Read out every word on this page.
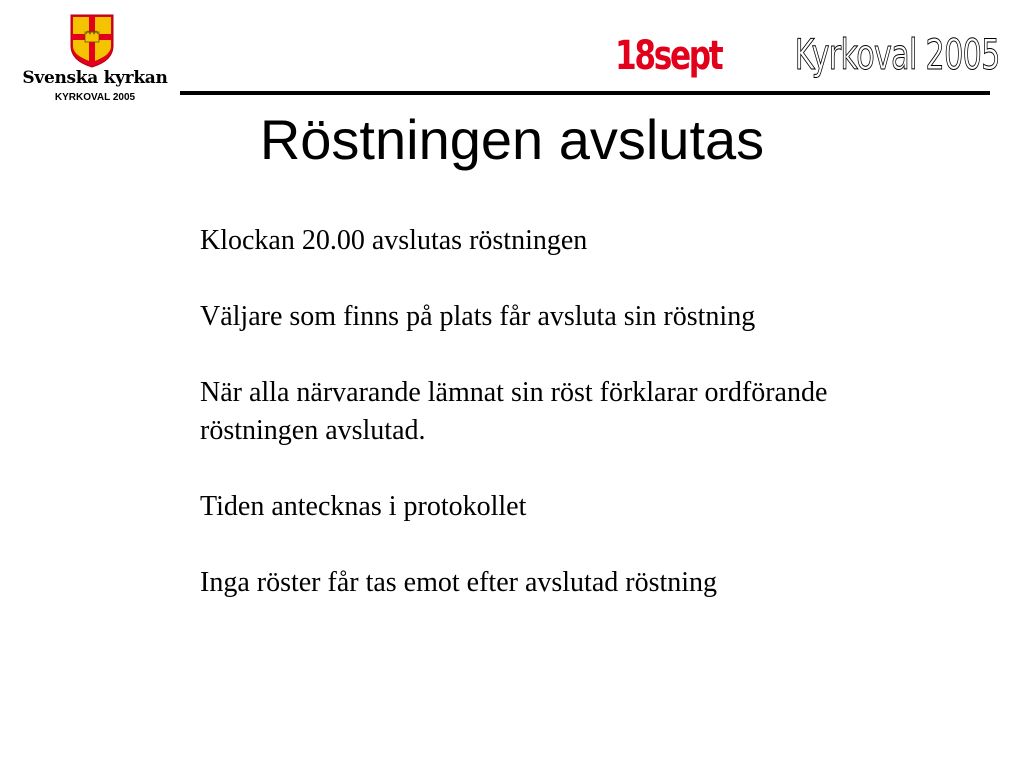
Svenska kyrkan
KYRKOVAL 2005
18sept Kyrkoval 2005
Röstningen avslutas

Klockan 20.00 avslutas röstningen

Väljare som finns på plats får avsluta sin röstning

När alla närvarande lämnat sin röst förklarar ordförande röstningen avslutad.

Tiden antecknas i protokollet

Inga röster får tas emot efter avslutad röstning
